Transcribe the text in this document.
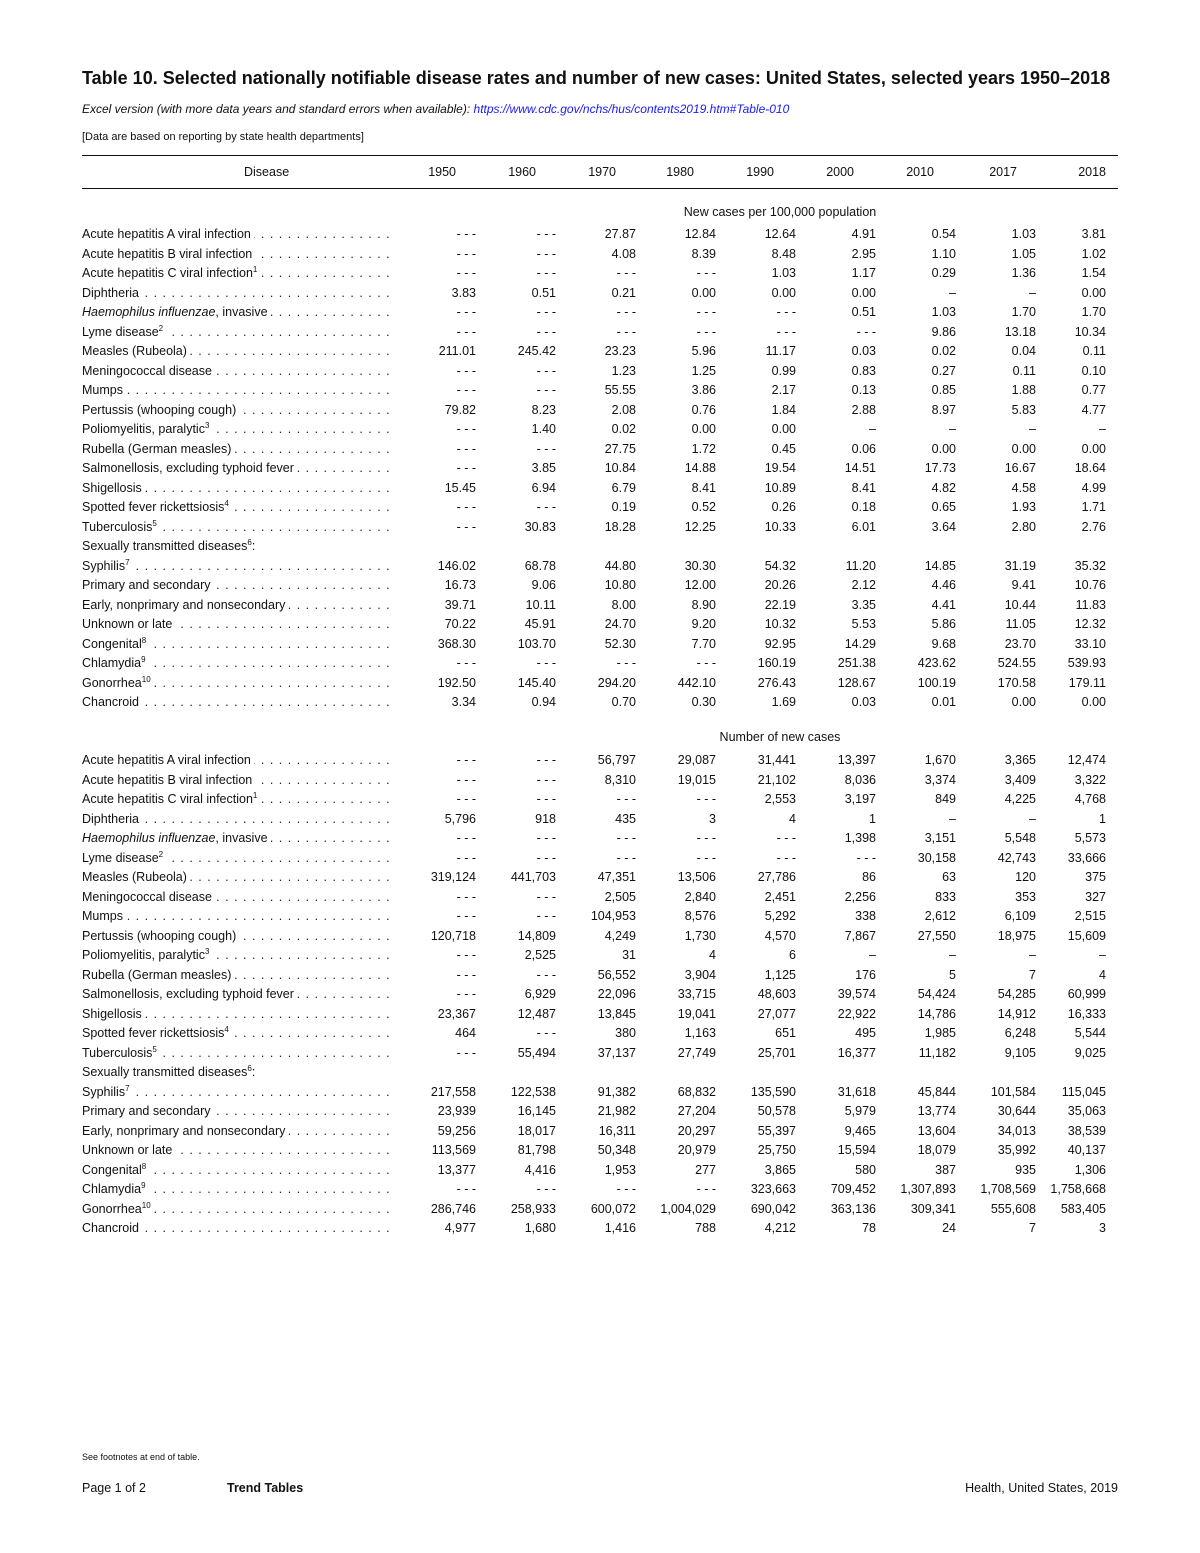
Table 10. Selected nationally notifiable disease rates and number of new cases: United States, selected years 1950–2018
Excel version (with more data years and standard errors when available): https://www.cdc.gov/nchs/hus/contents2019.htm#Table-010
[Data are based on reporting by state health departments]
Disease	1950	1960	1970	1980	1990	2000	2010	2017	2018
New cases per 100,000 population
Acute hepatitis A viral infection . . .	- - -	- - -	27.87	12.84	12.64	4.91	0.54	1.03	3.81

Acute hepatitis B viral infection . . .	- - -	- - -	4.08	8.39	8.48	2.95	1.10	1.05	1.02

Acute hepatitis C viral infection$^1$ . . .	- - -	- - -	- - -	- - -	1.03	1.17	0.29	1.36	1.54

Diphtheria . . .	3.83	0.51	0.21	0.00	0.00	0.00	–	–	0.00

Haemophilus influenzae, invasive . . .	- - -	- - -	- - -	- - -	- - -	0.51	1.03	1.70	1.70

Lyme disease$^2$ . . .	- - -	- - -	- - -	- - -	- - -	- - -	9.86	13.18	10.34

Measles (Rubeola) . . .	211.01	245.42	23.23	5.96	11.17	0.03	0.02	0.04	0.11

Meningococcal disease . . .	- - -	- - -	1.23	1.25	0.99	0.83	0.27	0.11	0.10

Mumps . . .	- - -	- - -	55.55	3.86	2.17	0.13	0.85	1.88	0.77

Pertussis (whooping cough) . . .	79.82	8.23	2.08	0.76	1.84	2.88	8.97	5.83	4.77

Poliomyelitis, paralytic$^3$ . . .	- - -	1.40	0.02	0.00	0.00	–	–	–	–

Rubella (German measles) . . .	- - -	- - -	27.75	1.72	0.45	0.06	0.00	0.00	0.00

Salmonellosis, excluding typhoid fever . . .	- - -	3.85	10.84	14.88	19.54	14.51	17.73	16.67	18.64

Shigellosis . . .	15.45	6.94	6.79	8.41	10.89	8.41	4.82	4.58	4.99

Spotted fever rickettsiosis$^4$ . . .	- - -	- - -	0.19	0.52	0.26	0.18	0.65	1.93	1.71

Tuberculosis$^5$ . . .	- - -	30.83	18.28	12.25	10.33	6.01	3.64	2.80	2.76

Sexually transmitted diseases$^6$:									

Syphilis$^7$ . . .	146.02	68.78	44.80	30.30	54.32	11.20	14.85	31.19	35.32

Primary and secondary . . .	16.73	9.06	10.80	12.00	20.26	2.12	4.46	9.41	10.76

Early, nonprimary and nonsecondary . . .	39.71	10.11	8.00	8.90	22.19	3.35	4.41	10.44	11.83

Unknown or late . . .	70.22	45.91	24.70	9.20	10.32	5.53	5.86	11.05	12.32

Congenital$^8$ . . .	368.30	103.70	52.30	7.70	92.95	14.29	9.68	23.70	33.10

Chlamydia$^9$ . . .	- - -	- - -	- - -	- - -	160.19	251.38	423.62	524.55	539.93

Gonorrhea$^{10}$ . . .	192.50	145.40	294.20	442.10	276.43	128.67	100.19	170.58	179.11

Chancroid . . .	3.34	0.94	0.70	0.30	1.69	0.03	0.01	0.00	0.00
Number of new cases
Acute hepatitis A viral infection . . .	- - -	- - -	56,797	29,087	31,441	13,397	1,670	3,365	12,474

Acute hepatitis B viral infection . . .	- - -	- - -	8,310	19,015	21,102	8,036	3,374	3,409	3,322

Acute hepatitis C viral infection$^1$ . . .	- - -	- - -	- - -	- - -	2,553	3,197	849	4,225	4,768

Diphtheria . . .	5,796	918	435	3	4	1	–	–	1

Haemophilus influenzae, invasive . . .	- - -	- - -	- - -	- - -	- - -	1,398	3,151	5,548	5,573

Lyme disease$^2$ . . .	- - -	- - -	- - -	- - -	- - -	- - -	30,158	42,743	33,666

Measles (Rubeola) . . .	319,124	441,703	47,351	13,506	27,786	86	63	120	375

Meningococcal disease . . .	- - -	- - -	2,505	2,840	2,451	2,256	833	353	327

Mumps . . .	- - -	- - -	104,953	8,576	5,292	338	2,612	6,109	2,515

Pertussis (whooping cough) . . .	120,718	14,809	4,249	1,730	4,570	7,867	27,550	18,975	15,609

Poliomyelitis, paralytic$^3$ . . .	- - -	2,525	31	4	6	–	–	–	–

Rubella (German measles) . . .	- - -	- - -	56,552	3,904	1,125	176	5	7	4

Salmonellosis, excluding typhoid fever . . .	- - -	6,929	22,096	33,715	48,603	39,574	54,424	54,285	60,999

Shigellosis . . .	23,367	12,487	13,845	19,041	27,077	22,922	14,786	14,912	16,333

Spotted fever rickettsiosis$^4$ . . .	464	- - -	380	1,163	651	495	1,985	6,248	5,544

Tuberculosis$^5$ . . .	- - -	55,494	37,137	27,749	25,701	16,377	11,182	9,105	9,025

Sexually transmitted diseases$^6$:									

Syphilis$^7$ . . .	217,558	122,538	91,382	68,832	135,590	31,618	45,844	101,584	115,045

Primary and secondary . . .	23,939	16,145	21,982	27,204	50,578	5,979	13,774	30,644	35,063

Early, nonprimary and nonsecondary . . .	59,256	18,017	16,311	20,297	55,397	9,465	13,604	34,013	38,539

Unknown or late . . .	113,569	81,798	50,348	20,979	25,750	15,594	18,079	35,992	40,137

Congenital$^8$ . . .	13,377	4,416	1,953	277	3,865	580	387	935	1,306

Chlamydia$^9$ . . .	- - -	- - -	- - -	- - -	323,663	709,452	1,307,893	1,708,569	1,758,668

Gonorrhea$^{10}$ . . .	286,746	258,933	600,072	1,004,029	690,042	363,136	309,341	555,608	583,405

Chancroid . . .	4,977	1,680	1,416	788	4,212	78	24	7	3
See footnotes at end of table.
Page 1 of 2	Trend Tables	Health, United States, 2019
